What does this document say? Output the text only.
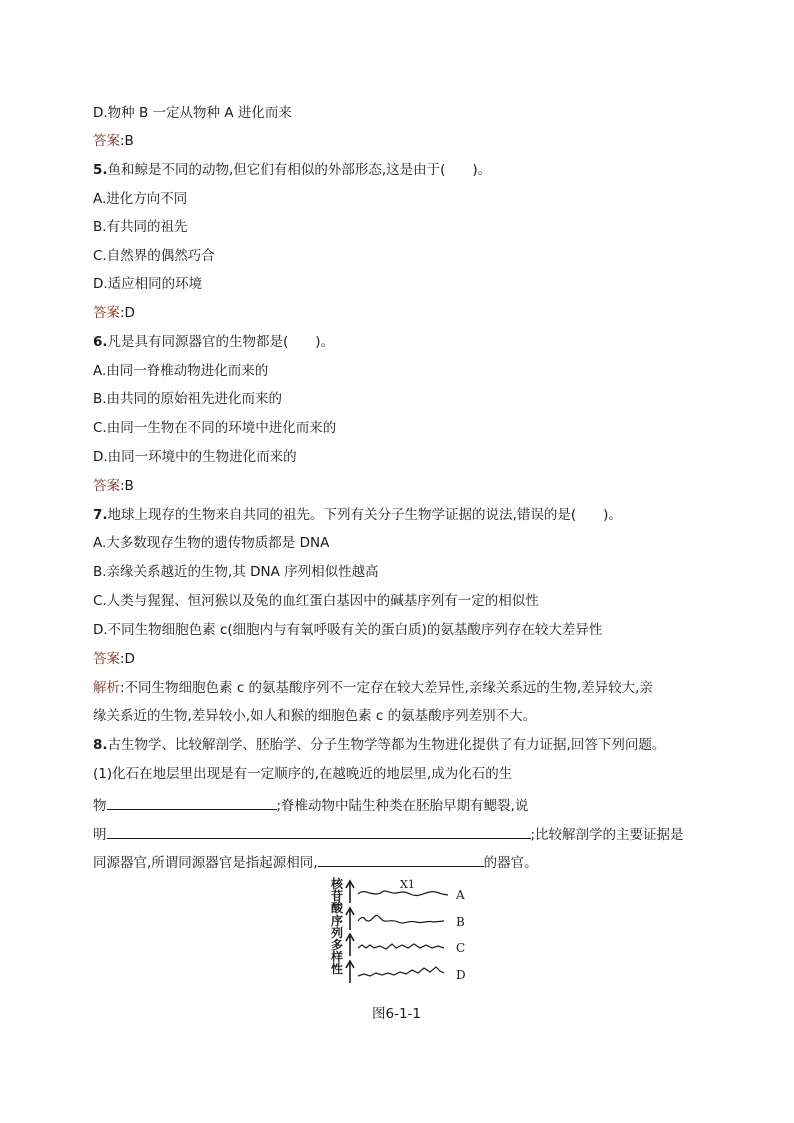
D.物种 B 一定从物种 A 进化而来
答案:B
5.鱼和鲸是不同的动物,但它们有相似的外部形态,这是由于(　　)。
A.进化方向不同
B.有共同的祖先
C.自然界的偶然巧合
D.适应相同的环境
答案:D
6.凡是具有同源器官的生物都是(　　)。
A.由同一脊椎动物进化而来的
B.由共同的原始祖先进化而来的
C.由同一生物在不同的环境中进化而来的
D.由同一环境中的生物进化而来的
答案:B
7.地球上现存的生物来自共同的祖先。下列有关分子生物学证据的说法,错误的是(　　)。
A.大多数现存生物的遗传物质都是 DNA
B.亲缘关系越近的生物,其 DNA 序列相似性越高
C.人类与猩猩、恒河猴以及兔的血红蛋白基因中的碱基序列有一定的相似性
D.不同生物细胞色素 c(细胞内与有氧呼吸有关的蛋白质)的氨基酸序列存在较大差异性
答案:D
解析:不同生物细胞色素 c 的氨基酸序列不一定存在较大差异性,亲缘关系远的生物,差异较大,亲
缘关系近的生物,差异较小,如人和猴的细胞色素 c 的氨基酸序列差别不大。
8.古生物学、比较解剖学、胚胎学、分子生物学等都为生物进化提供了有力证据,回答下列问题。
(1)化石在地层里出现是有一定顺序的,在越晚近的地层里,成为化石的生
物	;脊椎动物中陆生种类在胚胎早期有鳃裂,说
明	;比较解剖学的主要证据是
同源器官,所谓同源器官是指起源相同,	的器官。
核苷酸序列多样性
X1
A
B
C
D
图6-1-1
